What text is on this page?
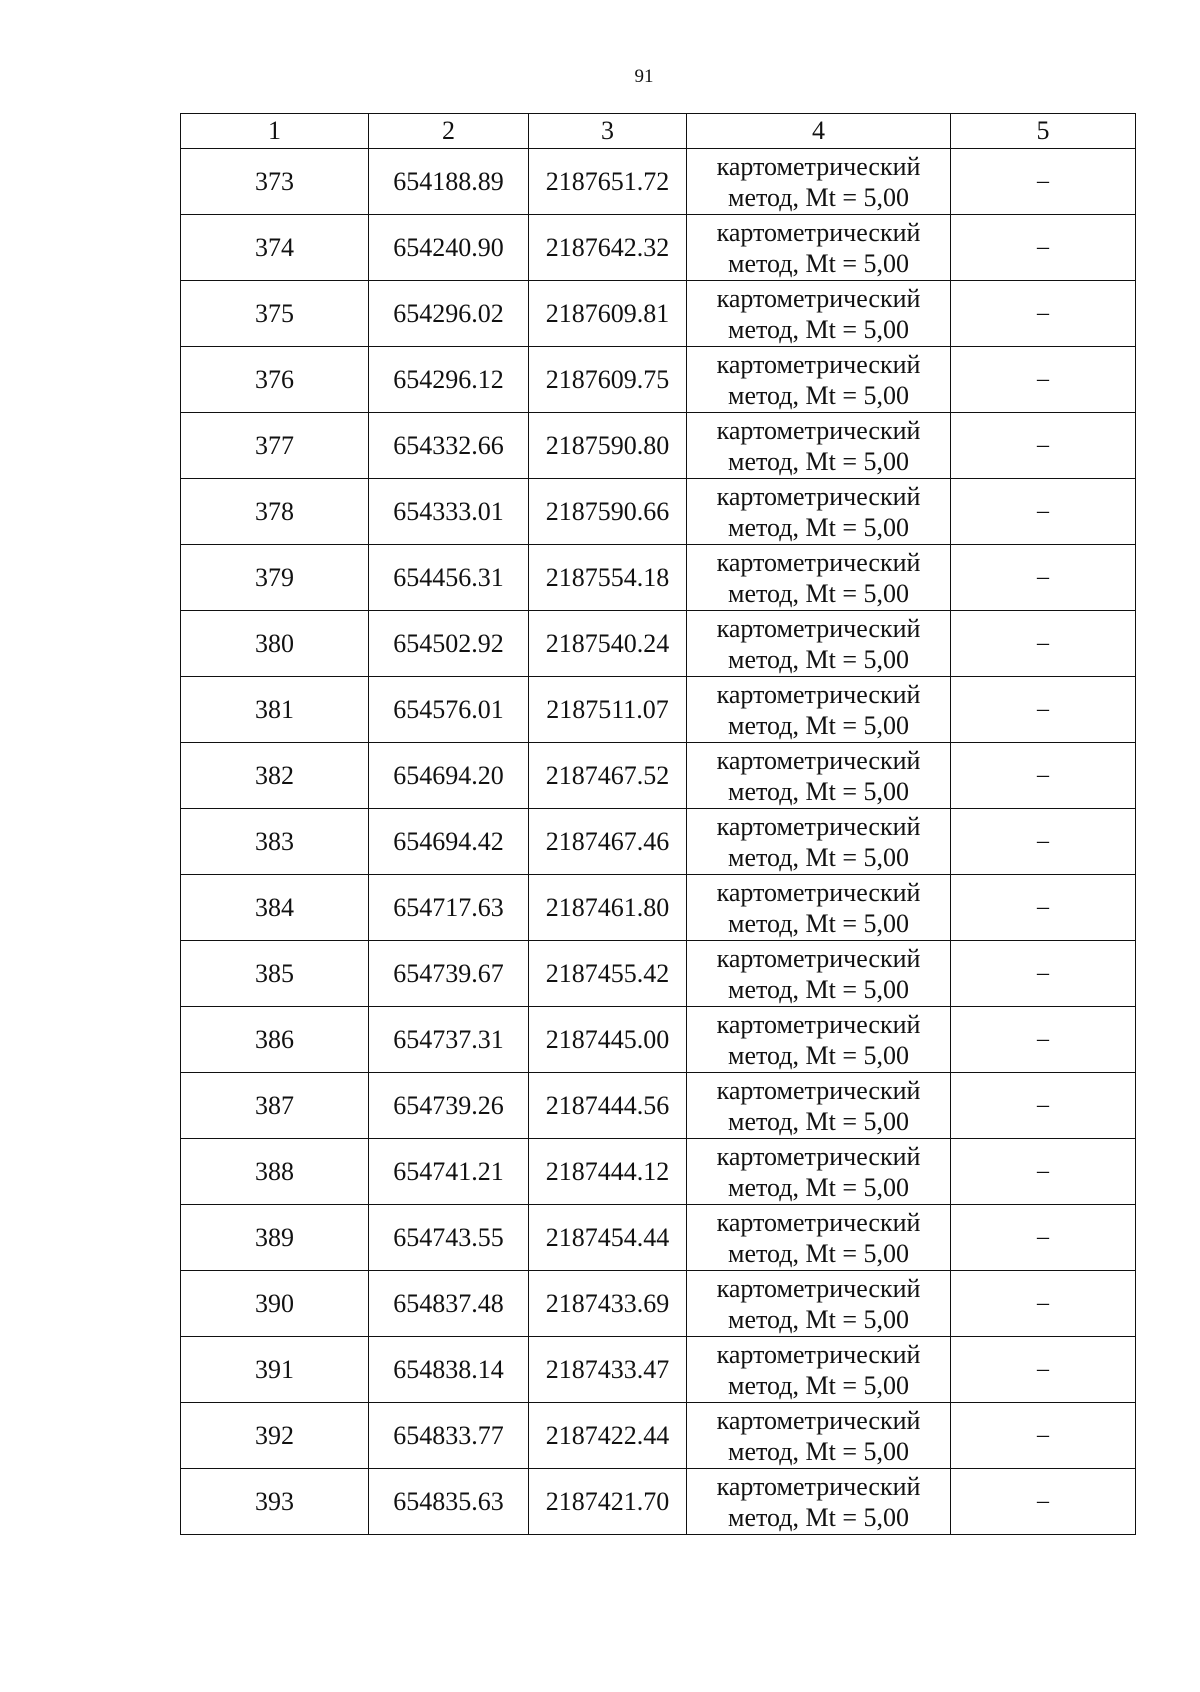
91
1	2	3	4	5
373	654188.89	2187651.72	картометрический
метод, Mt = 5,00	–
374	654240.90	2187642.32	картометрический
метод, Mt = 5,00	–
375	654296.02	2187609.81	картометрический
метод, Mt = 5,00	–
376	654296.12	2187609.75	картометрический
метод, Mt = 5,00	–
377	654332.66	2187590.80	картометрический
метод, Mt = 5,00	–
378	654333.01	2187590.66	картометрический
метод, Mt = 5,00	–
379	654456.31	2187554.18	картометрический
метод, Mt = 5,00	–
380	654502.92	2187540.24	картометрический
метод, Mt = 5,00	–
381	654576.01	2187511.07	картометрический
метод, Mt = 5,00	–
382	654694.20	2187467.52	картометрический
метод, Mt = 5,00	–
383	654694.42	2187467.46	картометрический
метод, Mt = 5,00	–
384	654717.63	2187461.80	картометрический
метод, Mt = 5,00	–
385	654739.67	2187455.42	картометрический
метод, Mt = 5,00	–
386	654737.31	2187445.00	картометрический
метод, Mt = 5,00	–
387	654739.26	2187444.56	картометрический
метод, Mt = 5,00	–
388	654741.21	2187444.12	картометрический
метод, Mt = 5,00	–
389	654743.55	2187454.44	картометрический
метод, Mt = 5,00	–
390	654837.48	2187433.69	картометрический
метод, Mt = 5,00	–
391	654838.14	2187433.47	картометрический
метод, Mt = 5,00	–
392	654833.77	2187422.44	картометрический
метод, Mt = 5,00	–
393	654835.63	2187421.70	картометрический
метод, Mt = 5,00	–
